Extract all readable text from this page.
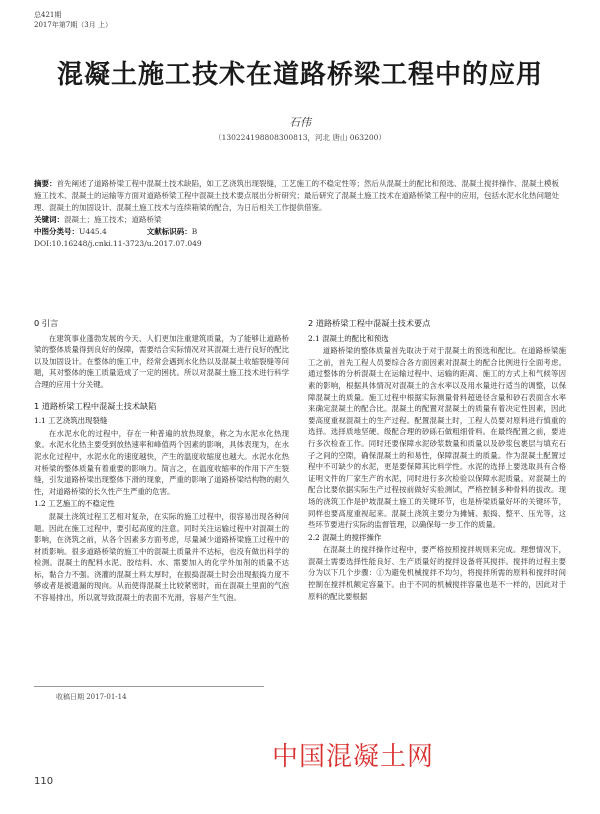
总421期
2017年第7期（3月 上）
混凝土施工技术在道路桥梁工程中的应用
石伟
（130224198808300813，河北 唐山 063200）
摘要：首先阐述了道路桥梁工程中混凝土技术缺陷，如工艺浇筑出现裂缝，工艺施工的不稳定性等；然后从混凝土的配比和预选、混凝土搅拌操作、混凝土模板施工技术、混凝土的运输等方面对道路桥梁工程中混凝土技术要点展出分析研究；最后研究了混凝土施工技术在道路桥梁工程中的应用，包括水泥水化热问题处理、混凝土的加固设计、混凝土施工技术与连续箱梁的配合，为日后相关工作提供借鉴。
关键词：混凝土；施工技术；道路桥梁
中图分类号：U445.4	文献标识码：B
DOI:10.16248/j.cnki.11-3723/u.2017.07.049
0 引言

在建筑事业蓬勃发展的今天、人们更加注重建筑质量，为了能够让道路桥梁的整体质量得到良好的保障，需要结合实际情况对其混凝土进行良好的配比以及加固设计。在整体的施工中，经常会遇到水化热以及混凝土收缩裂缝等问题，其对整体的施工质量造成了一定的困扰。所以对混凝土施工技术进行科学合理的应用十分关键。

1 道路桥梁工程中混凝土技术缺陷
1.1 工艺浇筑出现裂缝

在水泥水化的过程中，存在一种普遍的放热现象，称之为水泥水化热现象。水泥水化热主要受到放热速率和峰值两个因素的影响，具体表现为，在水泥水化过程中，水泥水化的速度越快，产生的温度收缩度也越大。水泥水化热对桥梁的整体质量有着重要的影响力。简言之，在温度收缩率的作用下产生裂缝，引发道路桥梁出现整体下滑的现象，严重的影响了道路桥梁结构物的耐久性，对道路桥梁的长久性产生严重的危害。

1.2 工艺施工的不稳定性

混凝土浇筑过程工艺相对复杂，在实际的施工过程中，很容易出现各种问题。因此在施工过程中，要引起高度的注意。同时关注运输过程中对混凝土的影响，在浇筑之前，从各个因素多方面考虑，尽量减少道路桥梁施工过程中的材质影响。很多道路桥梁的施工中的混凝土质量并不达标，也没有做出科学的检测。混凝土的配料水泥、胶结料、水、需要加入的化学外加剂的质量不达标，黏合力不强。浇灌的混凝土料太厚时，在振捣混凝土时会出现振捣力度不够或者是被遗漏的现向。从而使得混凝土比较紧密时，而在混凝土里面的气泡不容易排出，所以就导致混凝土的表面不光滑，容易产生气泡。

2 道路桥梁工程中混凝土技术要点
2.1 混凝土的配比和预选

道路桥梁的整体质量首先取决于对于混凝土的预选和配比。在道路桥梁施工之前，首先工程人员要综合各方面因素对混凝土的配合比例进行全面考虑。通过整体的分析混凝土在运输过程中、运输的距离、施工的方式上和气候等因素的影响，根据具体情况对混凝土的含水率以及用水量进行适当的调整，以保障混凝土的质量。施工过程中根据实际测量骨料超逊径含量和砂石表面含水率来确定混凝土的配合比。混凝土的配置对混凝土的质量有着决定性因素，因此要高度重视混凝土的生产过程。配置混凝土时，工程人员要对原料进行慎重的选择。选择质地坚硬、级配合理的砂砾石做粗细骨料。在最终配置之前，要进行多次检查工作。同时还要保障水泥砂浆数量和质量以及砂浆包裹层与填充石子之间的空隙，确保混凝土的和易性，保障混凝土的质量。作为混凝土配置过程中不可缺少的水泥，更是要保障其比料学性。水泥的选择上要选取具有合格证明文件的厂家生产的水泥，同时进行多次检验以保障水泥质量。对混凝土的配合比要依据实际生产过程按前做好实验测试，严格控制多种骨料的拔改。现场的浇筑工作是护坡混凝土施工的关键环节，也是桥梁质量好坏的关键环节，同样也要高度重视起来。混凝土浇筑主要分为摊铺、振捣、整平、压光等，这些环节要进行实际的监督管理，以确保每一步工作的质量。

2.2 混凝土的搅拌操作

在混凝土的搅拌操作过程中，要严格按照搅拌规则来完成。理想情况下，混凝土需要选择性能良好、生产质量好的搅拌设备将其搅拌。搅拌的过程主要分为以下几个步骤：①为避免机械搅拌不均匀，将搅拌所需的原料和搅拌时间控制在搅拌机额定容量下。由于不同的机械搅拌容量也是不一样的，因此对于原料的配比要根据

收稿日期 2017-01-14
110
中国混凝土网
